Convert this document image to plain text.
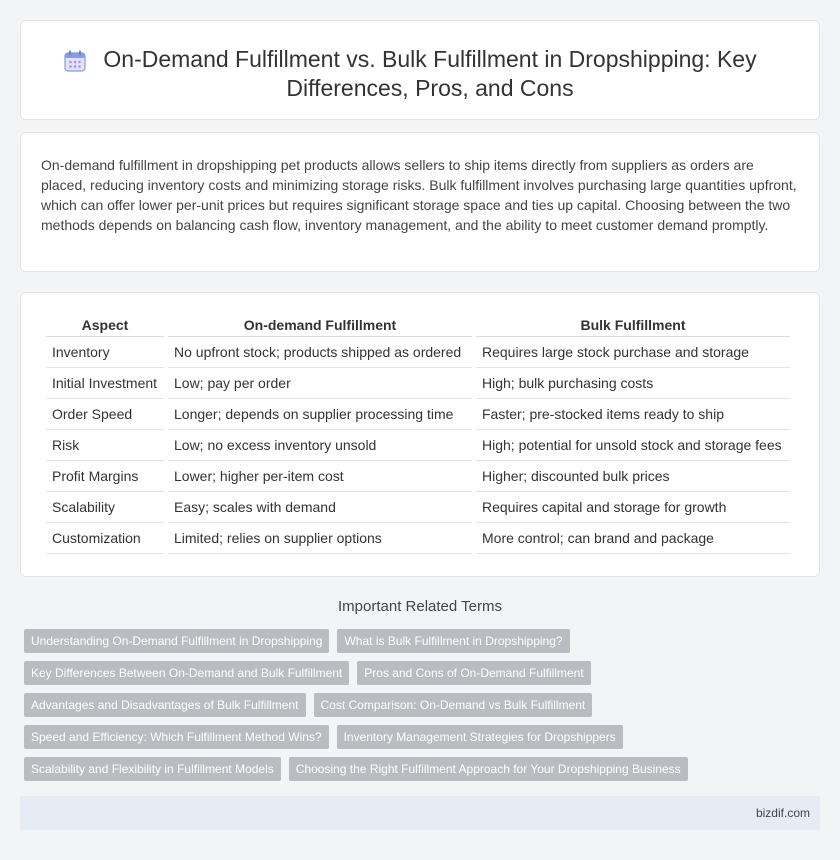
On-Demand Fulfillment vs. Bulk Fulfillment in Dropshipping: Key Differences, Pros, and Cons

On-demand fulfillment in dropshipping pet products allows sellers to ship items directly from suppliers as orders are placed, reducing inventory costs and minimizing storage risks. Bulk fulfillment involves purchasing large quantities upfront, which can offer lower per-unit prices but requires significant storage space and ties up capital. Choosing between the two methods depends on balancing cash flow, inventory management, and the ability to meet customer demand promptly.

Aspect	On-demand Fulfillment	Bulk Fulfillment
Inventory	No upfront stock; products shipped as ordered	Requires large stock purchase and storage
Initial Investment	Low; pay per order	High; bulk purchasing costs
Order Speed	Longer; depends on supplier processing time	Faster; pre-stocked items ready to ship
Risk	Low; no excess inventory unsold	High; potential for unsold stock and storage fees
Profit Margins	Lower; higher per-item cost	Higher; discounted bulk prices
Scalability	Easy; scales with demand	Requires capital and storage for growth
Customization	Limited; relies on supplier options	More control; can brand and package
Important Related Terms
Understanding On-Demand Fulfillment in Dropshipping	What is Bulk Fulfillment in Dropshipping?
Key Differences Between On-Demand and Bulk Fulfillment	Pros and Cons of On-Demand Fulfillment
Advantages and Disadvantages of Bulk Fulfillment	Cost Comparison: On-Demand vs Bulk Fulfillment
Speed and Efficiency: Which Fulfillment Method Wins?	Inventory Management Strategies for Dropshippers
Scalability and Flexibility in Fulfillment Models	Choosing the Right Fulfillment Approach for Your Dropshipping Business
bizdif.com
